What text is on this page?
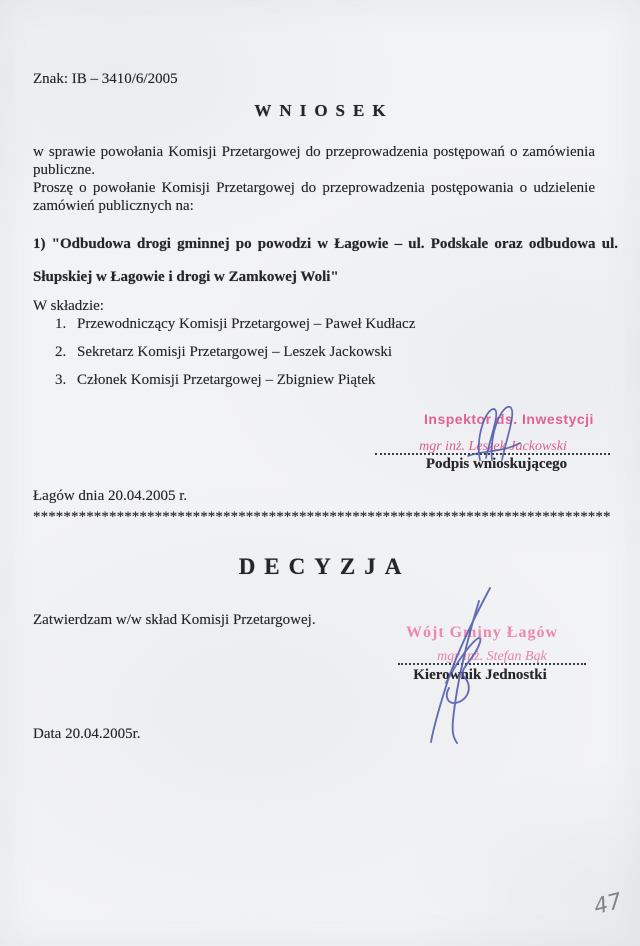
Znak: IB – 3410/6/2005
WNIOSEK

w sprawie powołania Komisji Przetargowej do przeprowadzenia postępowań o zamówienia publiczne.

Proszę o powołanie Komisji Przetargowej do przeprowadzenia postępowania o udzielenie zamówień publicznych na:

1) "Odbudowa drogi gminnej po powodzi w Łagowie – ul. Podskale oraz odbudowa ul. Słupskiej w Łagowie i drogi w Zamkowej Woli"
W składzie:
1. Przewodniczący Komisji Przetargowej – Paweł Kudłacz
2. Sekretarz Komisji Przetargowej – Leszek Jackowski
3. Członek Komisji Przetargowej – Zbigniew Piątek
Inspektor ds. Inwestycji
mgr inż. Leszek Jackowski
Podpis wnioskującego
Łagów dnia 20.04.2005 r.
****************************************************************************
DECYZJA
Zatwierdzam w/w skład Komisji Przetargowej.
Wójt Gminy Łagów
mgr inż. Stefan Bąk
Kierownik Jednostki
Data 20.04.2005r.
47
